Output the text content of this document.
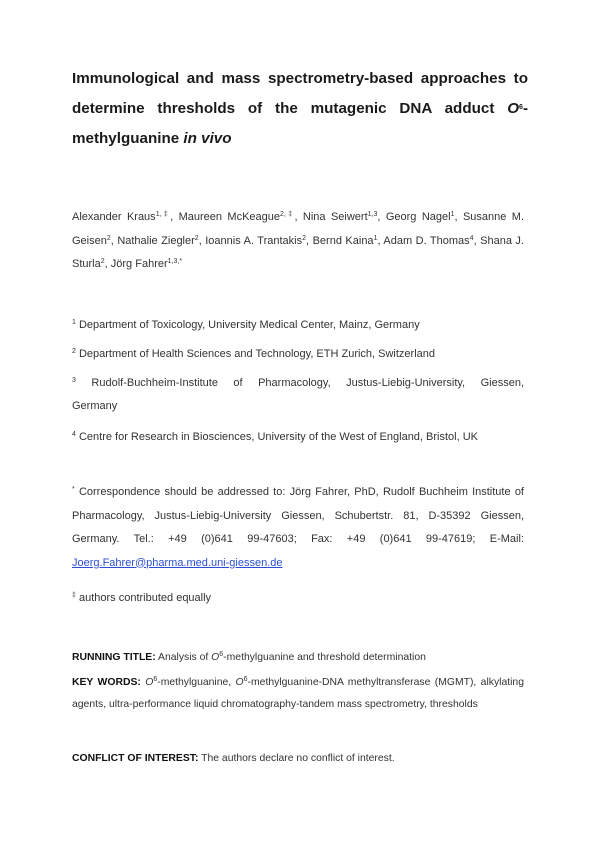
Immunological and mass spectrometry-based approaches to determine thresholds of the mutagenic DNA adduct $O^6$-methylguanine in vivo
Alexander Kraus$^{1,\ddagger}$, Maureen McKeague$^{2,\ddagger}$, Nina Seiwert$^{1,3}$, Georg Nagel$^1$, Susanne M. Geisen$^2$, Nathalie Ziegler$^2$, Ioannis A. Trantakis$^2$, Bernd Kaina$^1$, Adam D. Thomas$^4$, Shana J. Sturla$^2$, Jörg Fahrer$^{1,3,*}$
$^1$ Department of Toxicology, University Medical Center, Mainz, Germany
$^2$ Department of Health Sciences and Technology, ETH Zurich, Switzerland
$^3$ Rudolf-Buchheim-Institute of Pharmacology, Justus-Liebig-University, Giessen, Germany
$^4$ Centre for Research in Biosciences, University of the West of England, Bristol, UK
* Correspondence should be addressed to: Jörg Fahrer, PhD, Rudolf Buchheim Institute of Pharmacology, Justus-Liebig-University Giessen, Schubertstr. 81, D-35392 Giessen, Germany. Tel.: +49 (0)641 99-47603; Fax: +49 (0)641 99-47619; E-Mail: Joerg.Fahrer@pharma.med.uni-giessen.de
‡ authors contributed equally
RUNNING TITLE: Analysis of $O^6$-methylguanine and threshold determination
KEY WORDS: $O^6$-methylguanine, $O^6-methylguanine$-DNA methyltransferase (MGMT), alkylating agents, ultra-performance liquid chromatography-tandem mass spectrometry, thresholds
CONFLICT OF INTEREST: The authors declare no conflict of interest.
